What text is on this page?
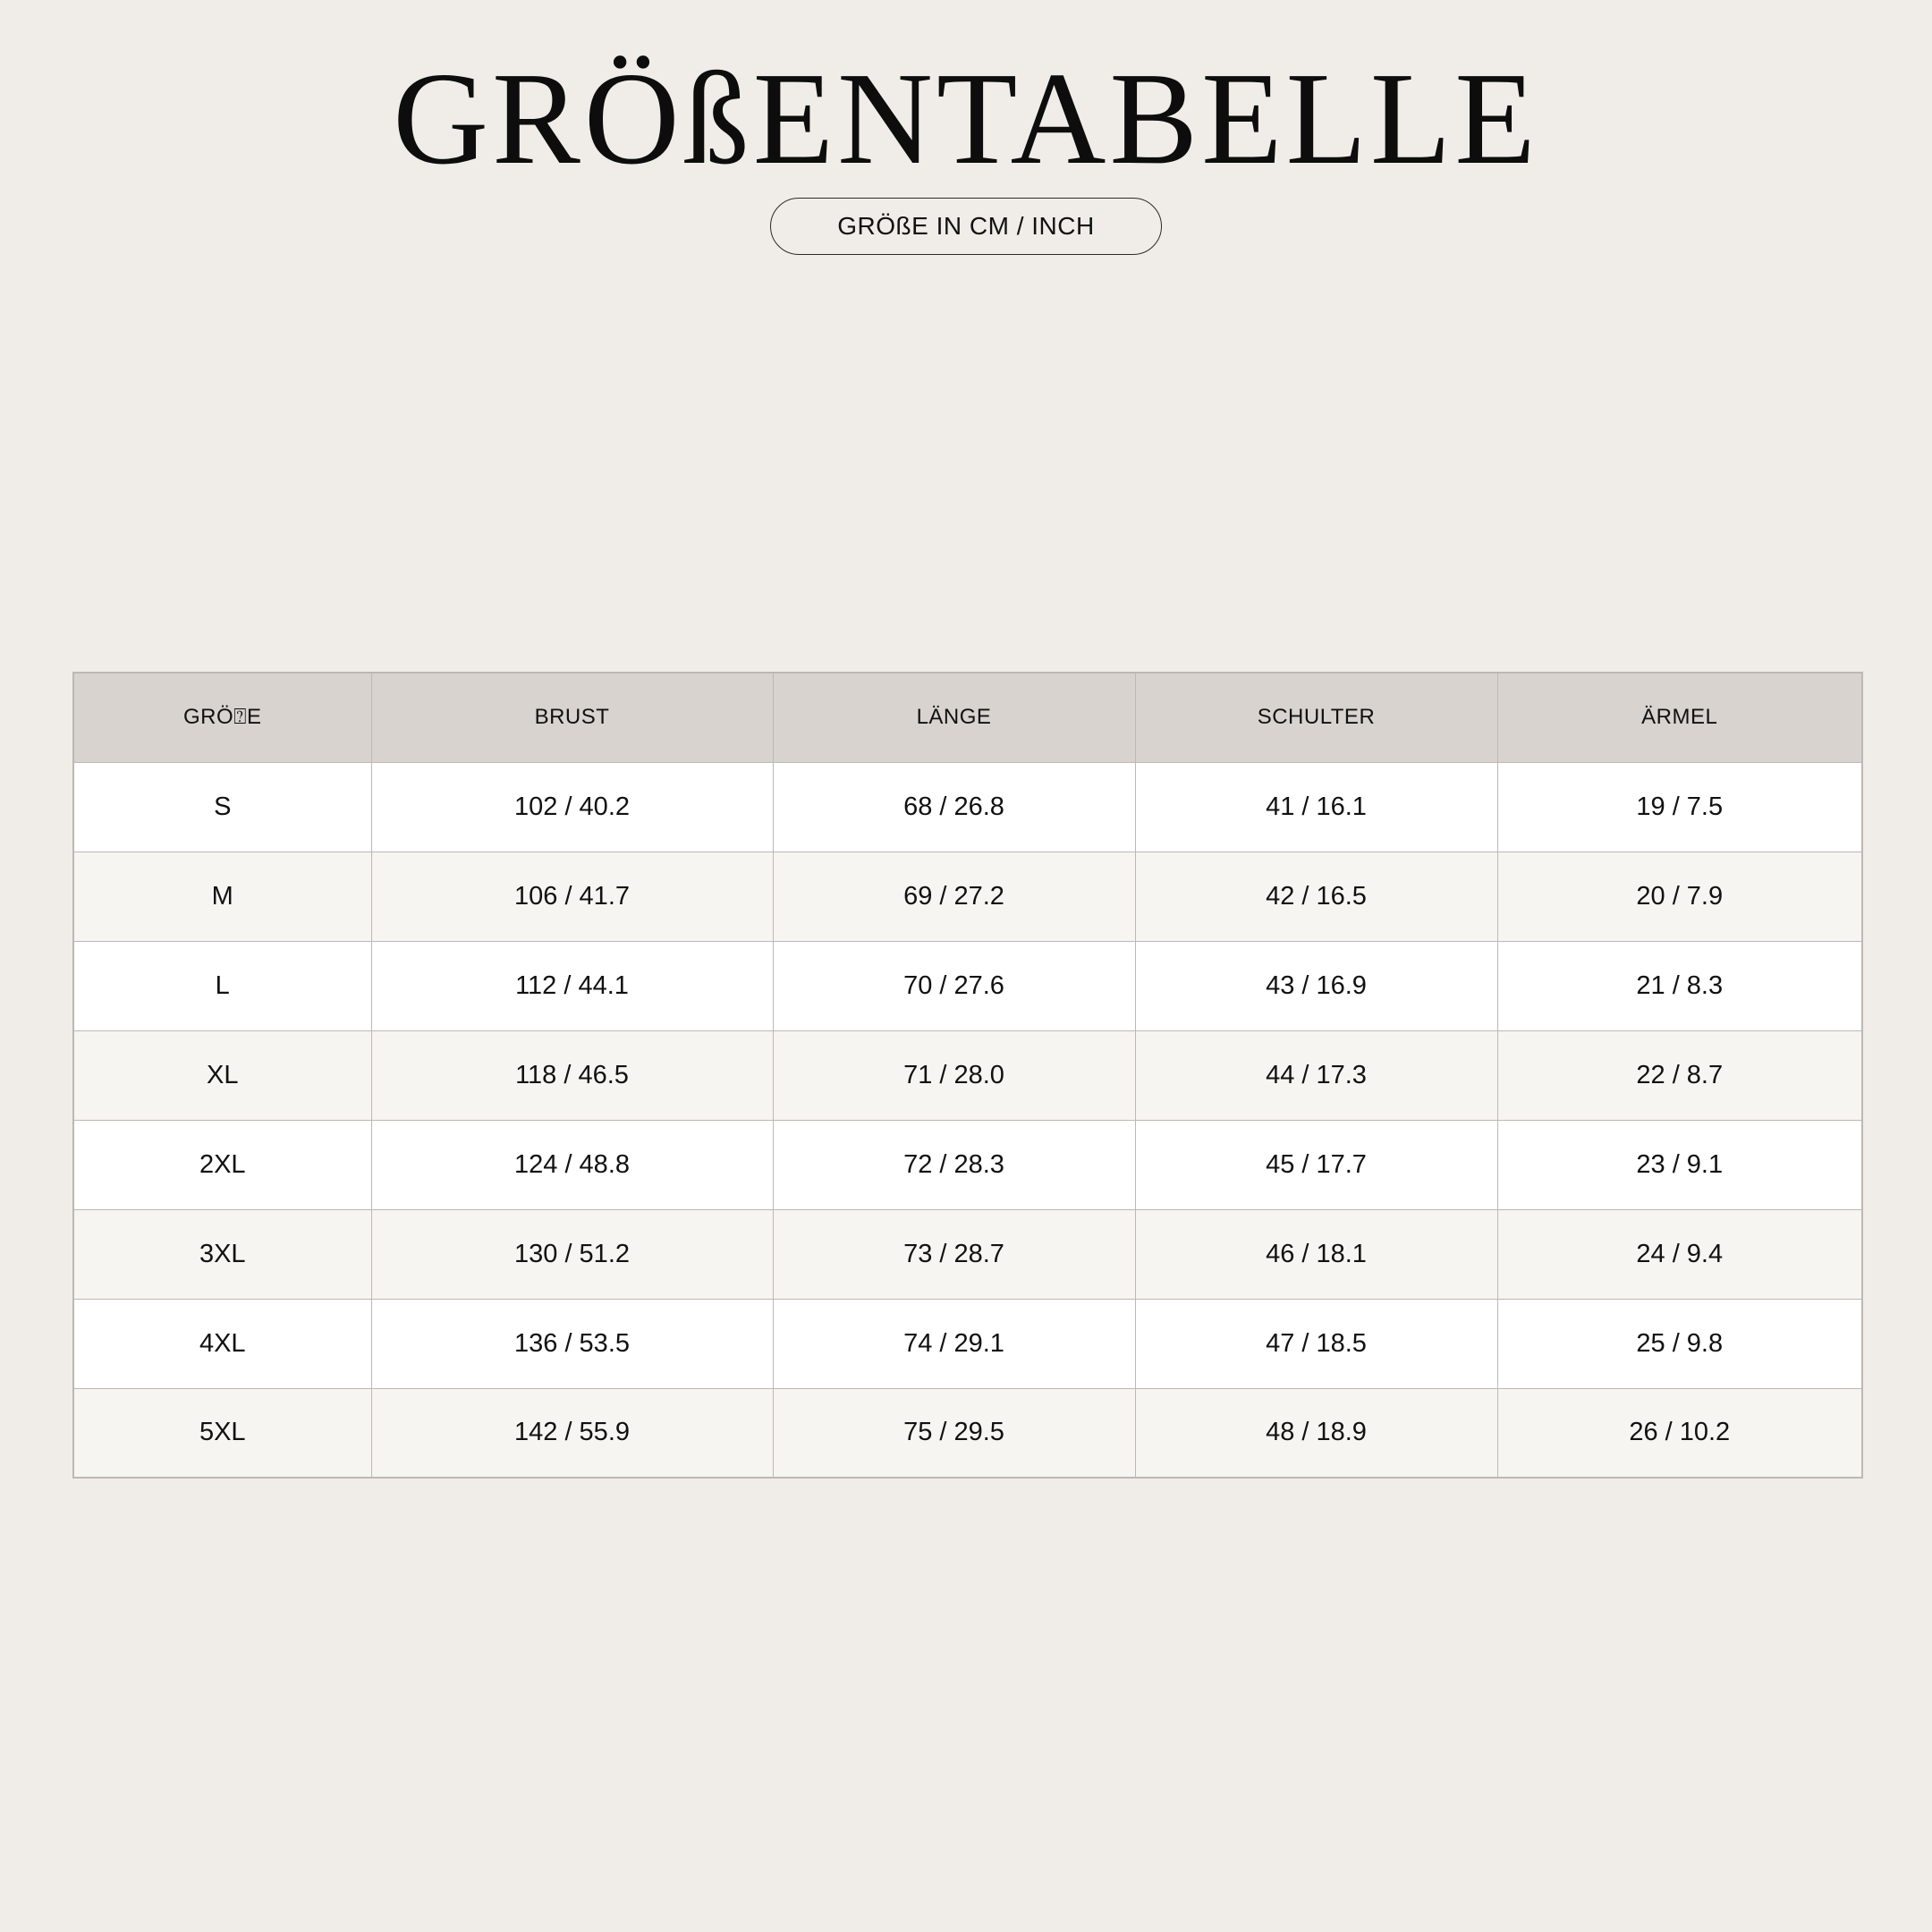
GRÖßENTABELLE
GRÖßE IN CM / INCH
GRÖ⍰E	BRUST	LÄNGE	SCHULTER	ÄRMEL
S	102 / 40.2	68 / 26.8	41 / 16.1	19 / 7.5
M	106 / 41.7	69 / 27.2	42 / 16.5	20 / 7.9
L	112 / 44.1	70 / 27.6	43 / 16.9	21 / 8.3
XL	118 / 46.5	71 / 28.0	44 / 17.3	22 / 8.7
2XL	124 / 48.8	72 / 28.3	45 / 17.7	23 / 9.1
3XL	130 / 51.2	73 / 28.7	46 / 18.1	24 / 9.4
4XL	136 / 53.5	74 / 29.1	47 / 18.5	25 / 9.8
5XL	142 / 55.9	75 / 29.5	48 / 18.9	26 / 10.2
